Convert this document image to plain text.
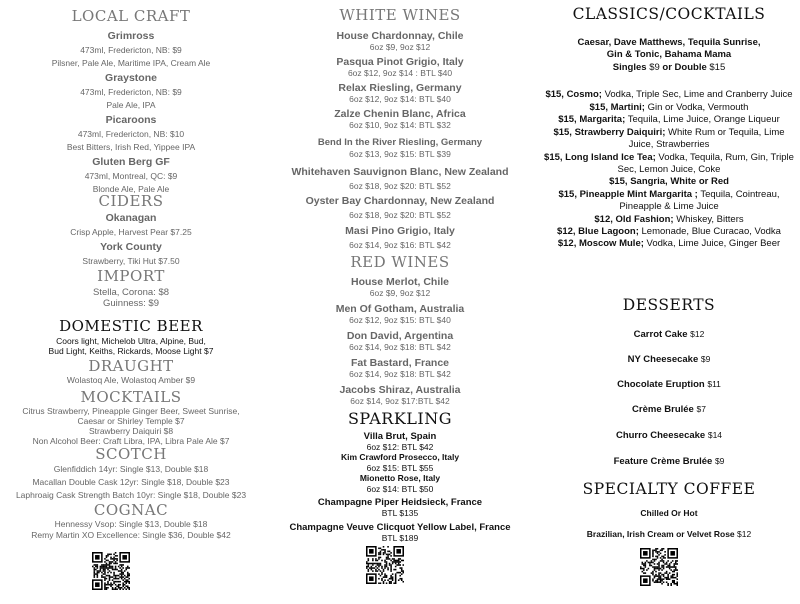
LOCAL CRAFT
Grimross
473ml, Fredericton, NB: $9
Pilsner, Pale Ale, Maritime IPA, Cream Ale
Graystone
473ml, Fredericton, NB: $9
Pale Ale, IPA
Picaroons
473ml, Fredericton, NB: $10
Best Bitters, Irish Red, Yippee IPA
Gluten Berg GF
473ml, Montreal, QC: $9
Blonde Ale, Pale Ale
CIDERS
Okanagan
Crisp Apple, Harvest Pear $7.25
York County
Strawberry, Tiki Hut $7.50
IMPORT
Stella, Corona: $8
Guinness: $9
DOMESTIC BEER
Coors light, Michelob Ultra, Alpine, Bud,
Bud Light, Keiths, Rickards, Moose Light $7
DRAUGHT
Wolastoq Ale, Wolastoq Amber $9
MOCKTAILS
Citrus Strawberry, Pineapple Ginger Beer, Sweet Sunrise,
Caesar or Shirley Temple $7
Strawberry Daiquiri $8
Non Alcohol Beer: Craft Libra, IPA, Libra Pale Ale $7
SCOTCH
Glenfiddich 14yr: Single $13, Double $18
Macallan Double Cask 12yr: Single $18, Double $23
Laphroaig Cask Strength Batch 10yr: Single $18, Double $23
COGNAC
Hennessy Vsop: Single $13, Double $18
Remy Martin XO Excellence: Single $36, Double $42
WHITE WINES
House Chardonnay, Chile
6oz $9, 9oz $12
Pasqua Pinot Grigio, Italy
6oz $12, 9oz $14 : BTL $40
Relax Riesling, Germany
6oz $12, 9oz $14: BTL $40
Zalze Chenin Blanc, Africa
6oz $10, 9oz $14: BTL $32
Bend In the River Riesling, Germany
6oz $13, 9oz $15: BTL $39
Whitehaven Sauvignon Blanc, New Zealand
6oz $18, 9oz $20: BTL $52
Oyster Bay Chardonnay, New Zealand
6oz $18, 9oz $20: BTL $52
Masi Pino Grigio, Italy
6oz $14, 9oz $16: BTL $42
RED WINES
House Merlot, Chile
6oz $9, 9oz $12
Men Of Gotham, Australia
6oz $12, 9oz $15: BTL $40
Don David, Argentina
6oz $14, 9oz $18: BTL $42
Fat Bastard, France
6oz $14, 9oz $18: BTL $42
Jacobs Shiraz, Australia
6oz $14, 9oz $17:BTL $42
SPARKLING
Villa Brut, Spain
6oz $12: BTL $42
Kim Crawford Prosecco, Italy
6oz $15: BTL $55
Mionetto Rose, Italy
6oz $14: BTL $50
Champagne Piper Heidsieck, France
BTL $135
Champagne Veuve Clicquot Yellow Label, France
BTL $189
CLASSICS/COCKTAILS
Caesar, Dave Matthews, Tequila Sunrise,
Gin & Tonic, Bahama Mama
Singles $9 or Double $15
$15, Cosmo; Vodka, Triple Sec, Lime and Cranberry Juice
$15, Martini; Gin or Vodka, Vermouth
$15, Margarita; Tequila, Lime Juice, Orange Liqueur
$15, Strawberry Daiquiri; White Rum or Tequila, Lime Juice, Strawberries
$15, Long Island Ice Tea; Vodka, Tequila, Rum, Gin, Triple Sec, Lemon Juice, Coke
$15, Sangria, White or Red
$15, Pineapple Mint Margarita ; Tequila, Cointreau, Pineapple & Lime Juice
$12, Old Fashion; Whiskey, Bitters
$12, Blue Lagoon; Lemonade, Blue Curacao, Vodka
$12, Moscow Mule; Vodka, Lime Juice, Ginger Beer
DESSERTS
Carrot Cake $12
NY Cheesecake $9
Chocolate Eruption $11
Crème Brulée $7
Churro Cheesecake $14
Feature Crème Brulée $9
SPECIALTY COFFEE
Chilled Or Hot
Brazilian, Irish Cream or Velvet Rose $12
